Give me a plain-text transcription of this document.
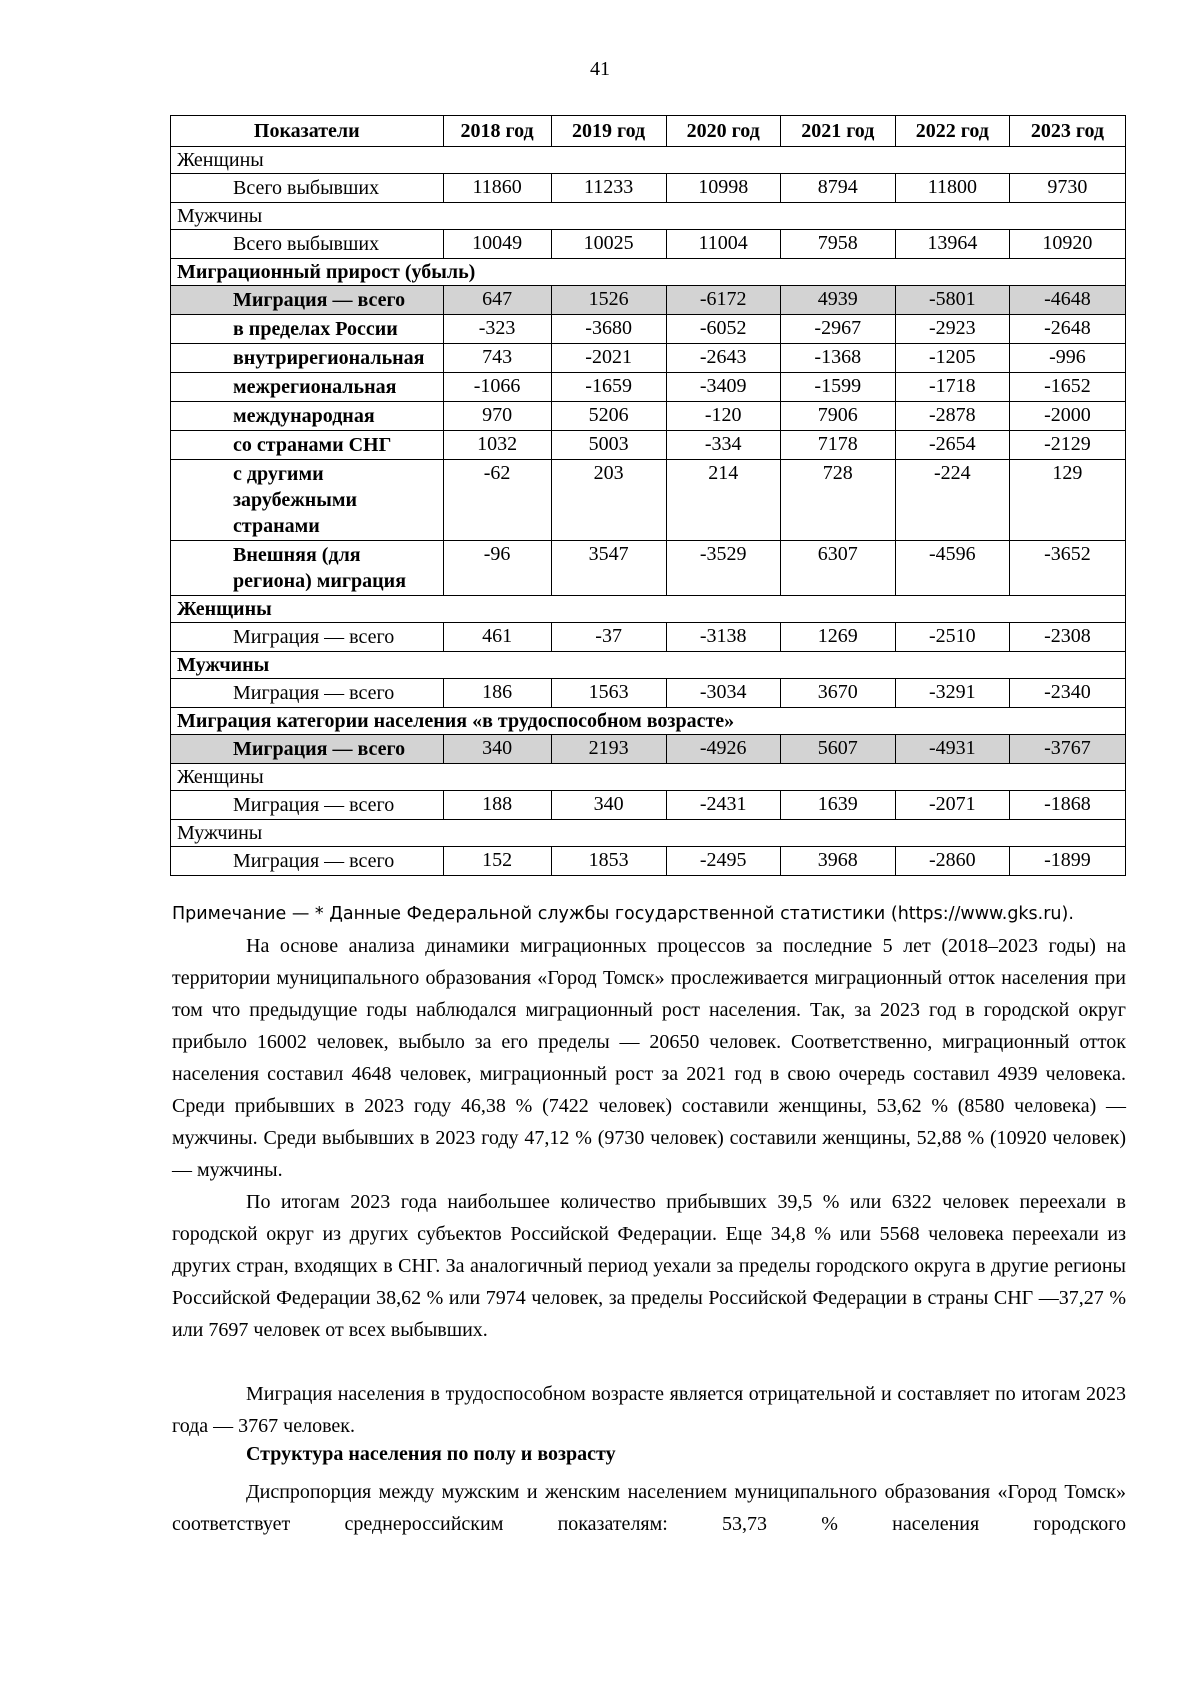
41
Показатели	2018 год	2019 год	2020 год	2021 год	2022 год	2023 год
Женщины						
Всего выбывших	11860	11233	10998	8794	11800	9730
Мужчины						
Всего выбывших	10049	10025	11004	7958	13964	10920
Миграционный прирост (убыль)						
Миграция — всего	647	1526	-6172	4939	-5801	-4648
в пределах России	-323	-3680	-6052	-2967	-2923	-2648
внутрирегиональная	743	-2021	-2643	-1368	-1205	-996
межрегиональная	-1066	-1659	-3409	-1599	-1718	-1652
международная	970	5206	-120	7906	-2878	-2000
со странами СНГ	1032	5003	-334	7178	-2654	-2129
с другими зарубежными странами	-62	203	214	728	-224	129
Внешняя (для региона) миграция	-96	3547	-3529	6307	-4596	-3652
Женщины						
Миграция — всего	461	-37	-3138	1269	-2510	-2308
Мужчины						
Миграция — всего	186	1563	-3034	3670	-3291	-2340
Миграция категории населения «в трудоспособном возрасте»						
Миграция — всего	340	2193	-4926	5607	-4931	-3767
Женщины						
Миграция — всего	188	340	-2431	1639	-2071	-1868
Мужчины						
Миграция — всего	152	1853	-2495	3968	-2860	-1899
Примечание — * Данные Федеральной службы государственной статистики (https://www.gks.ru).
На основе анализа динамики миграционных процессов за последние 5 лет (2018–2023 годы) на территории муниципального образования «Город Томск» прослеживается миграционный отток населения при том что предыдущие годы наблюдался миграционный рост населения. Так, за 2023 год в городской округ прибыло 16002 человек, выбыло за его пределы — 20650 человек. Соответственно, миграционный отток населения составил 4648 человек, миграционный рост за 2021 год в свою очередь составил 4939 человека. Среди прибывших в 2023 году 46,38 % (7422 человек) составили женщины, 53,62 % (8580 человека) — мужчины. Среди выбывших в 2023 году 47,12 % (9730 человек) составили женщины, 52,88 % (10920 человек) — мужчины.
По итогам 2023 года наибольшее количество прибывших 39,5 % или 6322 человек переехали в городской округ из других субъектов Российской Федерации. Еще 34,8 % или 5568 человека переехали из других стран, входящих в СНГ. За аналогичный период уехали за пределы городского округа в другие регионы Российской Федерации 38,62 % или 7974 человек, за пределы Российской Федерации в страны СНГ —37,27 % или 7697 человек от всех выбывших.
Миграция населения в трудоспособном возрасте является отрицательной и составляет по итогам 2023 года — 3767 человек.
Структура населения по полу и возрасту
Диспропорция между мужским и женским населением муниципального образования «Город Томск» соответствует среднероссийским показателям: 53,73 % населения городского
